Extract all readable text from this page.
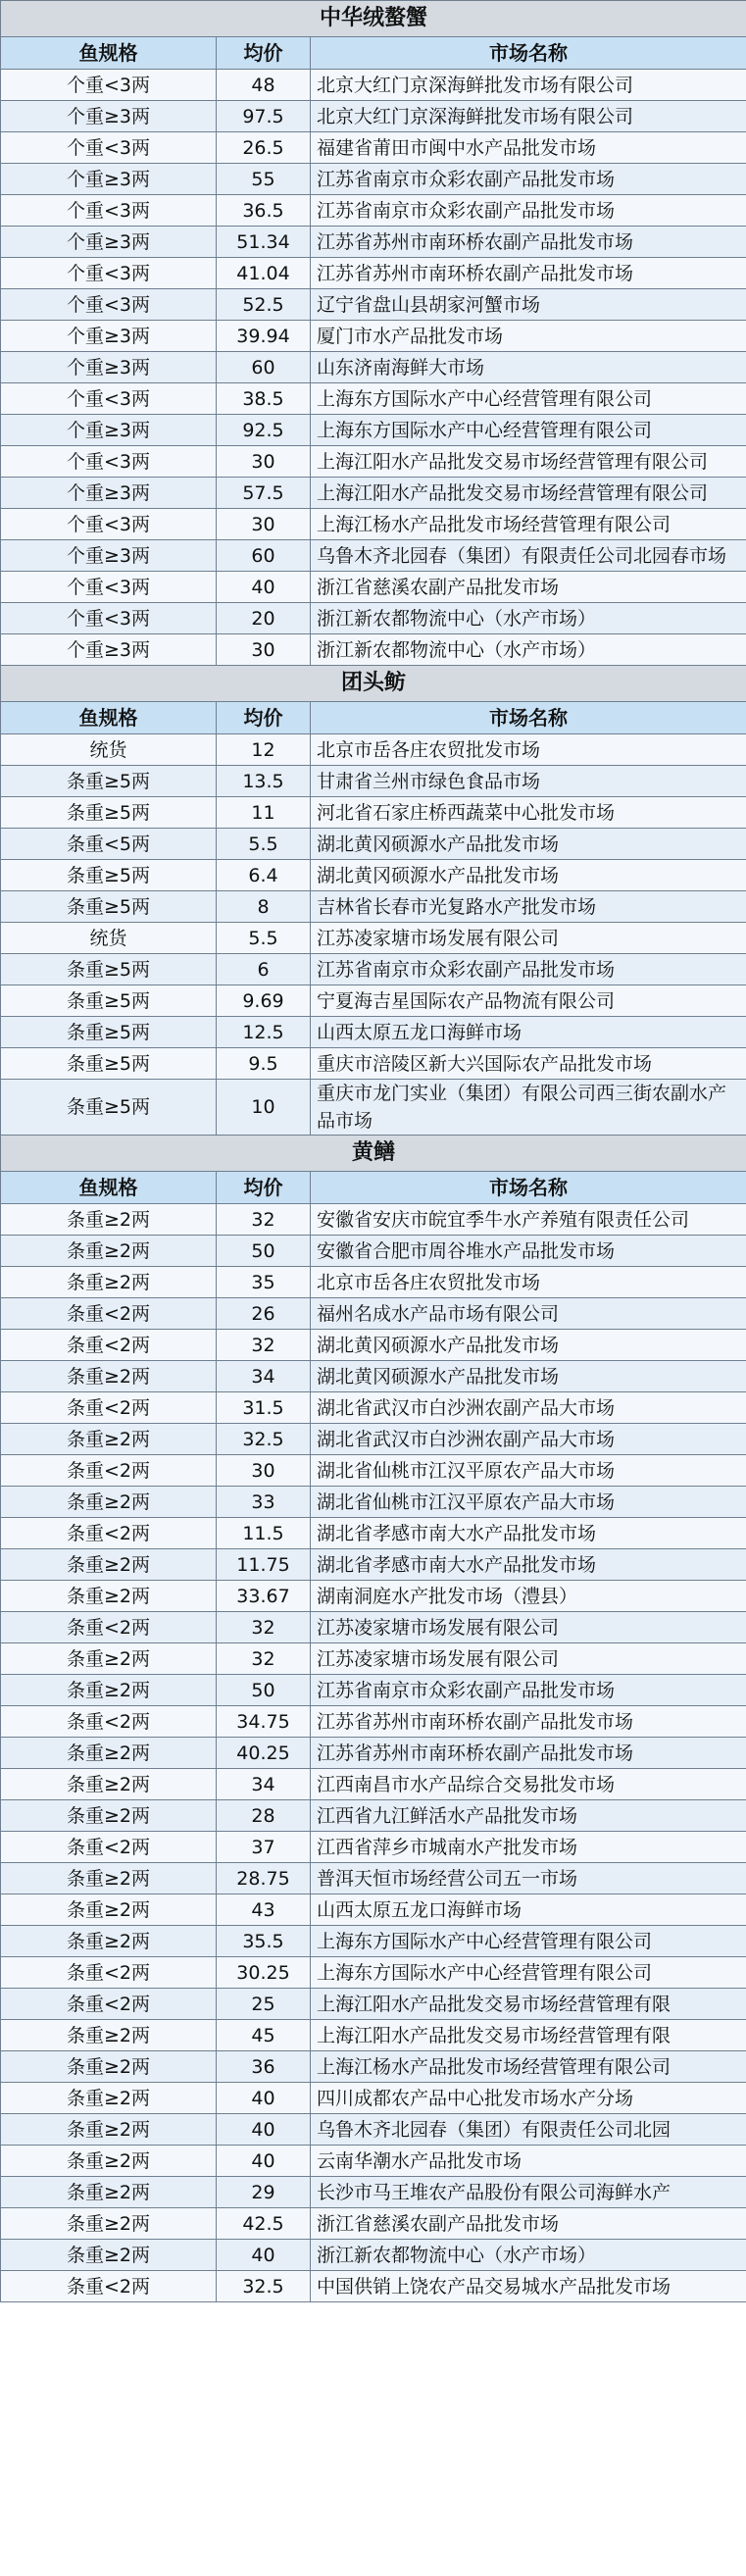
中华绒螯蟹		
鱼规格	均价	市场名称
个重<3两	48	北京大红门京深海鲜批发市场有限公司
个重≥3两	97.5	北京大红门京深海鲜批发市场有限公司
个重<3两	26.5	福建省莆田市闽中水产品批发市场
个重≥3两	55	江苏省南京市众彩农副产品批发市场
个重<3两	36.5	江苏省南京市众彩农副产品批发市场
个重≥3两	51.34	江苏省苏州市南环桥农副产品批发市场
个重<3两	41.04	江苏省苏州市南环桥农副产品批发市场
个重<3两	52.5	辽宁省盘山县胡家河蟹市场
个重≥3两	39.94	厦门市水产品批发市场
个重≥3两	60	山东济南海鲜大市场
个重<3两	38.5	上海东方国际水产中心经营管理有限公司
个重≥3两	92.5	上海东方国际水产中心经营管理有限公司
个重<3两	30	上海江阳水产品批发交易市场经营管理有限公司
个重≥3两	57.5	上海江阳水产品批发交易市场经营管理有限公司
个重<3两	30	上海江杨水产品批发市场经营管理有限公司
个重≥3两	60	乌鲁木齐北园春（集团）有限责任公司北园春市场
个重<3两	40	浙江省慈溪农副产品批发市场
个重<3两	20	浙江新农都物流中心（水产市场）
个重≥3两	30	浙江新农都物流中心（水产市场）
团头鲂		
鱼规格	均价	市场名称
统货	12	北京市岳各庄农贸批发市场
条重≥5两	13.5	甘肃省兰州市绿色食品市场
条重≥5两	11	河北省石家庄桥西蔬菜中心批发市场
条重<5两	5.5	湖北黄冈硕源水产品批发市场
条重≥5两	6.4	湖北黄冈硕源水产品批发市场
条重≥5两	8	吉林省长春市光复路水产批发市场
统货	5.5	江苏凌家塘市场发展有限公司
条重≥5两	6	江苏省南京市众彩农副产品批发市场
条重≥5两	9.69	宁夏海吉星国际农产品物流有限公司
条重≥5两	12.5	山西太原五龙口海鲜市场
条重≥5两	9.5	重庆市涪陵区新大兴国际农产品批发市场
条重≥5两	10	重庆市龙门实业（集团）有限公司西三街农副水产品市场
黄鳝		
鱼规格	均价	市场名称
条重≥2两	32	安徽省安庆市皖宜季牛水产养殖有限责任公司
条重≥2两	50	安徽省合肥市周谷堆水产品批发市场
条重≥2两	35	北京市岳各庄农贸批发市场
条重<2两	26	福州名成水产品市场有限公司
条重<2两	32	湖北黄冈硕源水产品批发市场
条重≥2两	34	湖北黄冈硕源水产品批发市场
条重<2两	31.5	湖北省武汉市白沙洲农副产品大市场
条重≥2两	32.5	湖北省武汉市白沙洲农副产品大市场
条重<2两	30	湖北省仙桃市江汉平原农产品大市场
条重≥2两	33	湖北省仙桃市江汉平原农产品大市场
条重<2两	11.5	湖北省孝感市南大水产品批发市场
条重≥2两	11.75	湖北省孝感市南大水产品批发市场
条重≥2两	33.67	湖南洞庭水产批发市场（澧县）
条重<2两	32	江苏凌家塘市场发展有限公司
条重≥2两	32	江苏凌家塘市场发展有限公司
条重≥2两	50	江苏省南京市众彩农副产品批发市场
条重<2两	34.75	江苏省苏州市南环桥农副产品批发市场
条重≥2两	40.25	江苏省苏州市南环桥农副产品批发市场
条重≥2两	34	江西南昌市水产品综合交易批发市场
条重≥2两	28	江西省九江鲜活水产品批发市场
条重<2两	37	江西省萍乡市城南水产批发市场
条重≥2两	28.75	普洱天恒市场经营公司五一市场
条重≥2两	43	山西太原五龙口海鲜市场
条重≥2两	35.5	上海东方国际水产中心经营管理有限公司
条重<2两	30.25	上海东方国际水产中心经营管理有限公司
条重<2两	25	上海江阳水产品批发交易市场经营管理有限
条重≥2两	45	上海江阳水产品批发交易市场经营管理有限
条重≥2两	36	上海江杨水产品批发市场经营管理有限公司
条重≥2两	40	四川成都农产品中心批发市场水产分场
条重≥2两	40	乌鲁木齐北园春（集团）有限责任公司北园
条重≥2两	40	云南华潮水产品批发市场
条重≥2两	29	长沙市马王堆农产品股份有限公司海鲜水产
条重≥2两	42.5	浙江省慈溪农副产品批发市场
条重≥2两	40	浙江新农都物流中心（水产市场）
条重<2两	32.5	中国供销上饶农产品交易城水产品批发市场
